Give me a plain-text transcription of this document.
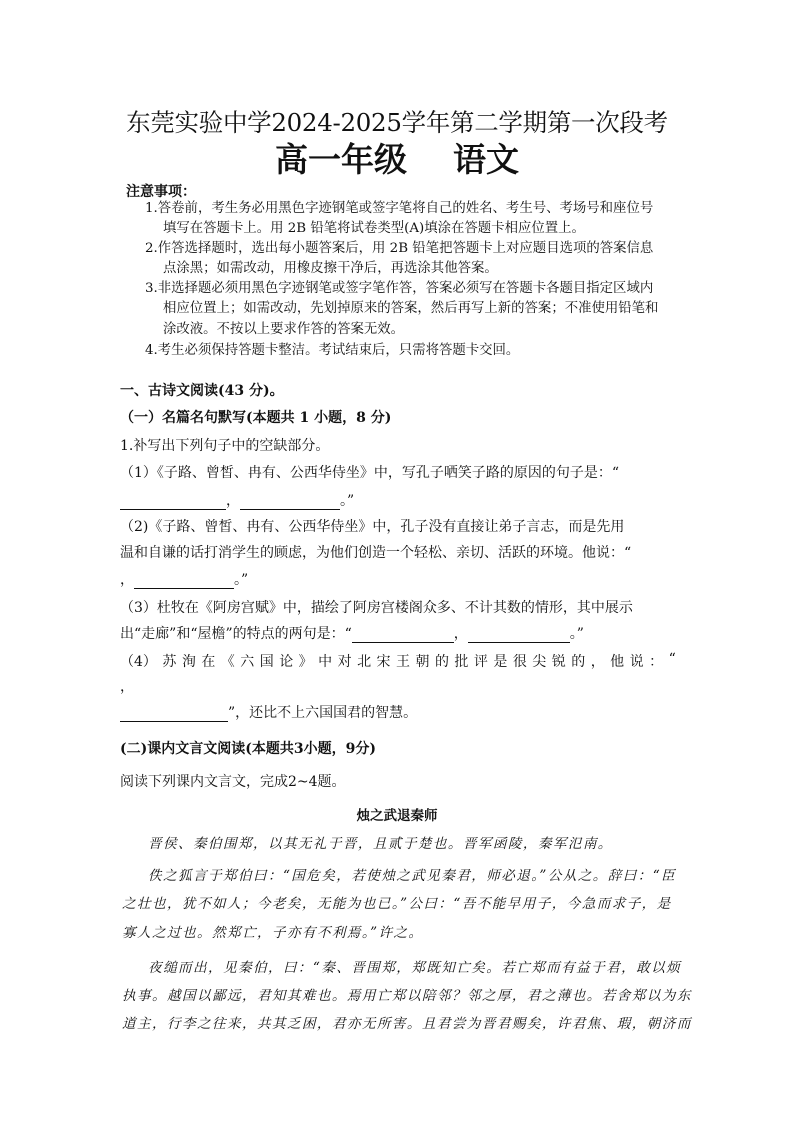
东莞实验中学2024-2025学年第二学期第一次段考
高一年级 语文
注意事项：
1.答卷前，考生务必用黑色字迹钢笔或签字笔将自己的姓名、考生号、考场号和座位号
填写在答题卡上。用 2B 铅笔将试卷类型(A)填涂在答题卡相应位置上。
2.作答选择题时，选出每小题答案后，用 2B 铅笔把答题卡上对应题目选项的答案信息
点涂黑；如需改动，用橡皮擦干净后，再选涂其他答案。
3.非选择题必须用黑色字迹钢笔或签字笔作答，答案必须写在答题卡各题目指定区域内
相应位置上；如需改动，先划掉原来的答案，然后再写上新的答案；不准使用铅笔和
涂改液。不按以上要求作答的答案无效。
4.考生必须保持答题卡整洁。考试结束后，只需将答题卡交回。
一、古诗文阅读(43 分)。
（一）名篇名句默写(本题共 1 小题，8 分)
1.补写出下列句子中的空缺部分。
（1）《子路、曾皙、冉有、公西华侍坐》中，写孔子哂笑子路的原因的句子是：“
，	。”
（2)《子路、曾皙、冉有、公西华侍坐》中，孔子没有直接让弟子言志，而是先用
温和自谦的话打消学生的顾虑，为他们创造一个轻松、亲切、活跃的环境。他说：“
，	。”
（3）杜牧在《阿房宫赋》中，描绘了阿房宫楼阁众多、不计其数的情形，其中展示
出“走廊”和“屋檐”的特点的两句是：“	，	。”
（4） 苏 洵 在 《 六 国 论 》 中 对 北 宋 王 朝 的 批 评 是 很 尖 锐 的 ， 他 说 ： “
，
”，还比不上六国国君的智慧。
(二)课内文言文阅读(本题共3小题，9分)
阅读下列课内文言文，完成2~4题。
烛之武退秦师
晋侯、秦伯围郑，以其无礼于晋，且贰于楚也。晋军函陵，秦军氾南。
佚之狐言于郑伯曰：“国危矣，若使烛之武见秦君，师必退。”公从之。辞曰：“臣
之壮也，犹不如人；今老矣，无能为也已。”公曰：“吾不能早用子，今急而求子，是
寡人之过也。然郑亡，子亦有不利焉。”许之。
夜缒而出，见秦伯，曰：“秦、晋围郑，郑既知亡矣。若亡郑而有益于君，敢以烦
执事。越国以鄙远，君知其难也。焉用亡郑以陪邻？邻之厚，君之薄也。若舍郑以为东
道主，行李之往来，共其乏困，君亦无所害。且君尝为晋君赐矣，许君焦、瑕，朝济而
